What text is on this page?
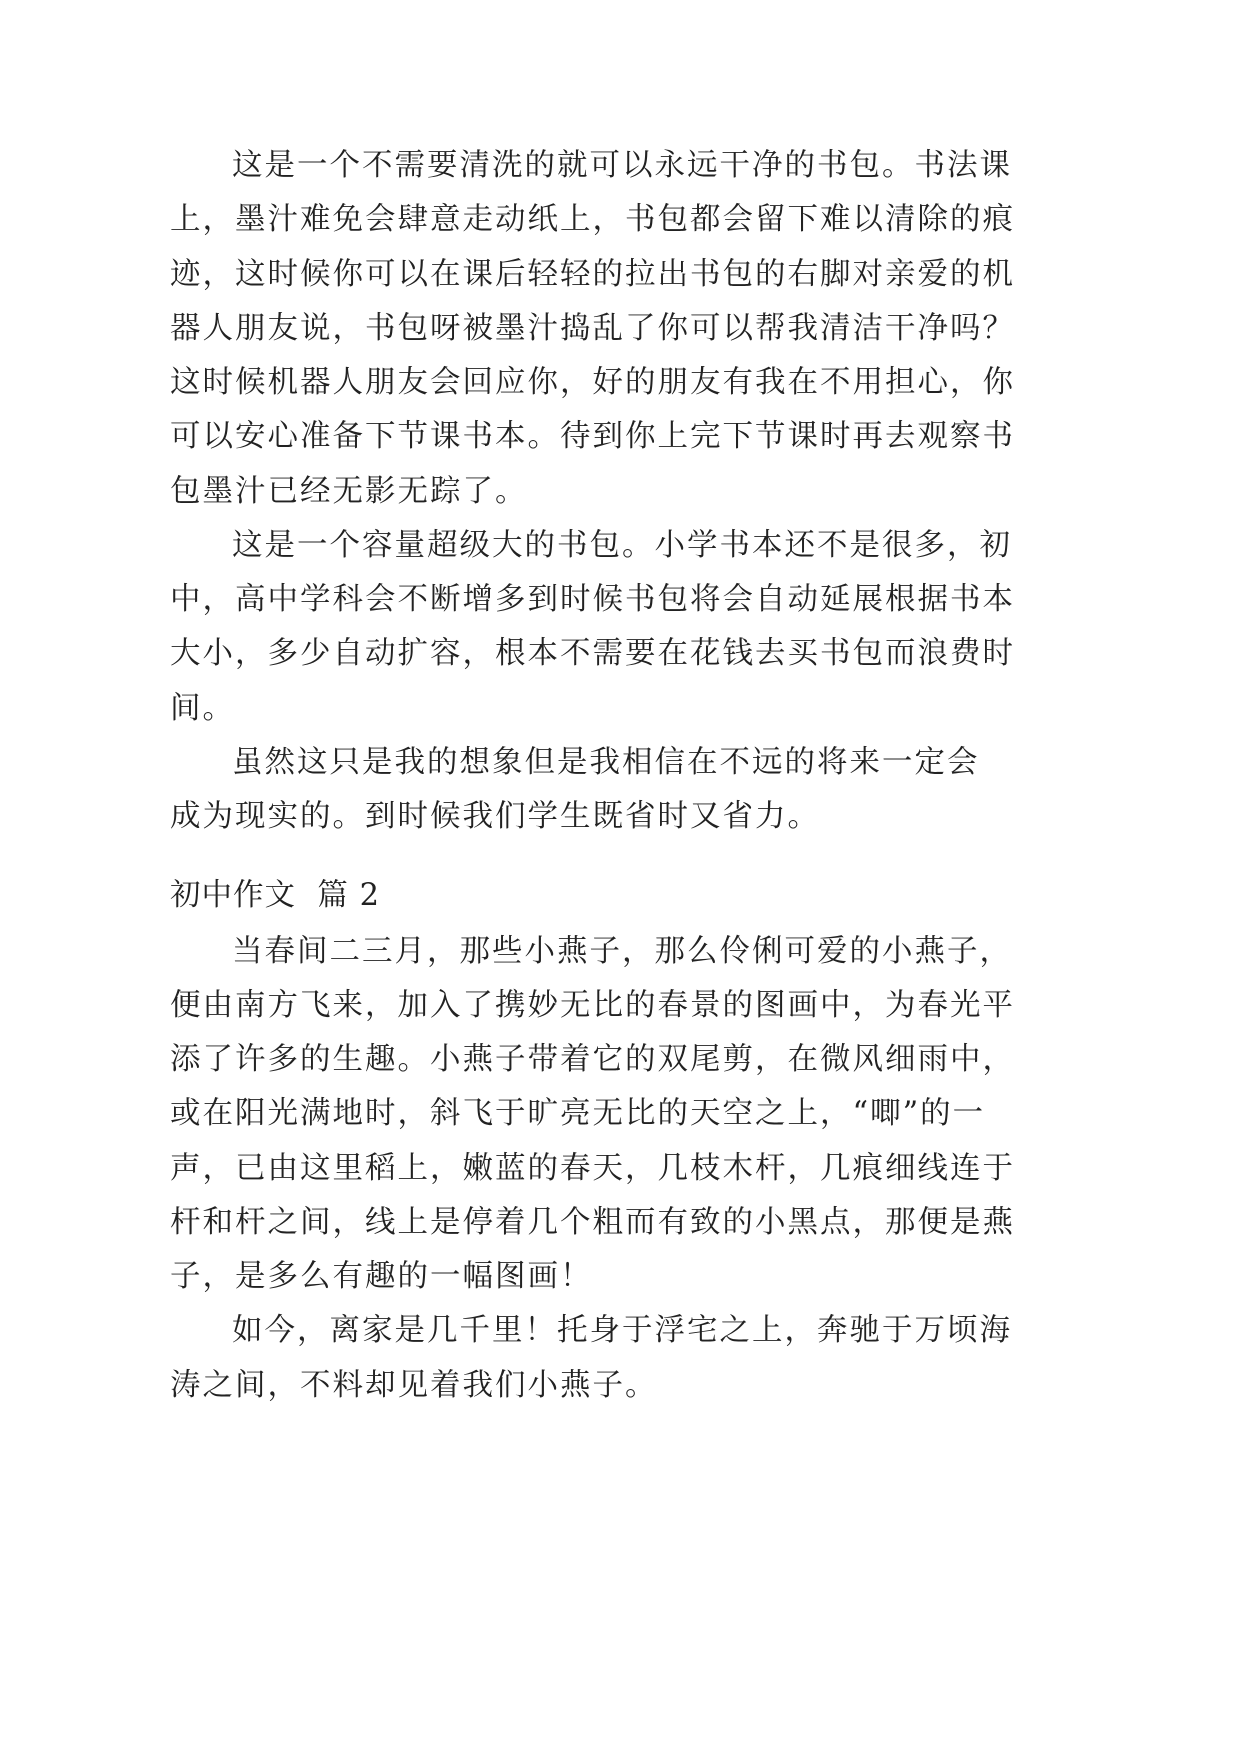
这是一个不需要清洗的就可以永远干净的书包。书法课
上，墨汁难免会肆意走动纸上，书包都会留下难以清除的痕
迹，这时候你可以在课后轻轻的拉出书包的右脚对亲爱的机
器人朋友说，书包呀被墨汁捣乱了你可以帮我清洁干净吗？
这时候机器人朋友会回应你，好的朋友有我在不用担心，你
可以安心准备下节课书本。待到你上完下节课时再去观察书
包墨汁已经无影无踪了。
这是一个容量超级大的书包。小学书本还不是很多，初
中，高中学科会不断增多到时候书包将会自动延展根据书本
大小，多少自动扩容，根本不需要在花钱去买书包而浪费时
间。
虽然这只是我的想象但是我相信在不远的将来一定会
成为现实的。到时候我们学生既省时又省力。
初中作文  篇 2
当春间二三月，那些小燕子，那么伶俐可爱的小燕子，
便由南方飞来，加入了携妙无比的春景的图画中，为春光平
添了许多的生趣。小燕子带着它的双尾剪，在微风细雨中，
或在阳光满地时，斜飞于旷亮无比的天空之上，“唧”的一
声，已由这里稻上，嫩蓝的春天，几枝木杆，几痕细线连于
杆和杆之间，线上是停着几个粗而有致的小黑点，那便是燕
子，是多么有趣的一幅图画！
如今，离家是几千里！托身于浮宅之上，奔驰于万顷海
涛之间，不料却见着我们小燕子。
